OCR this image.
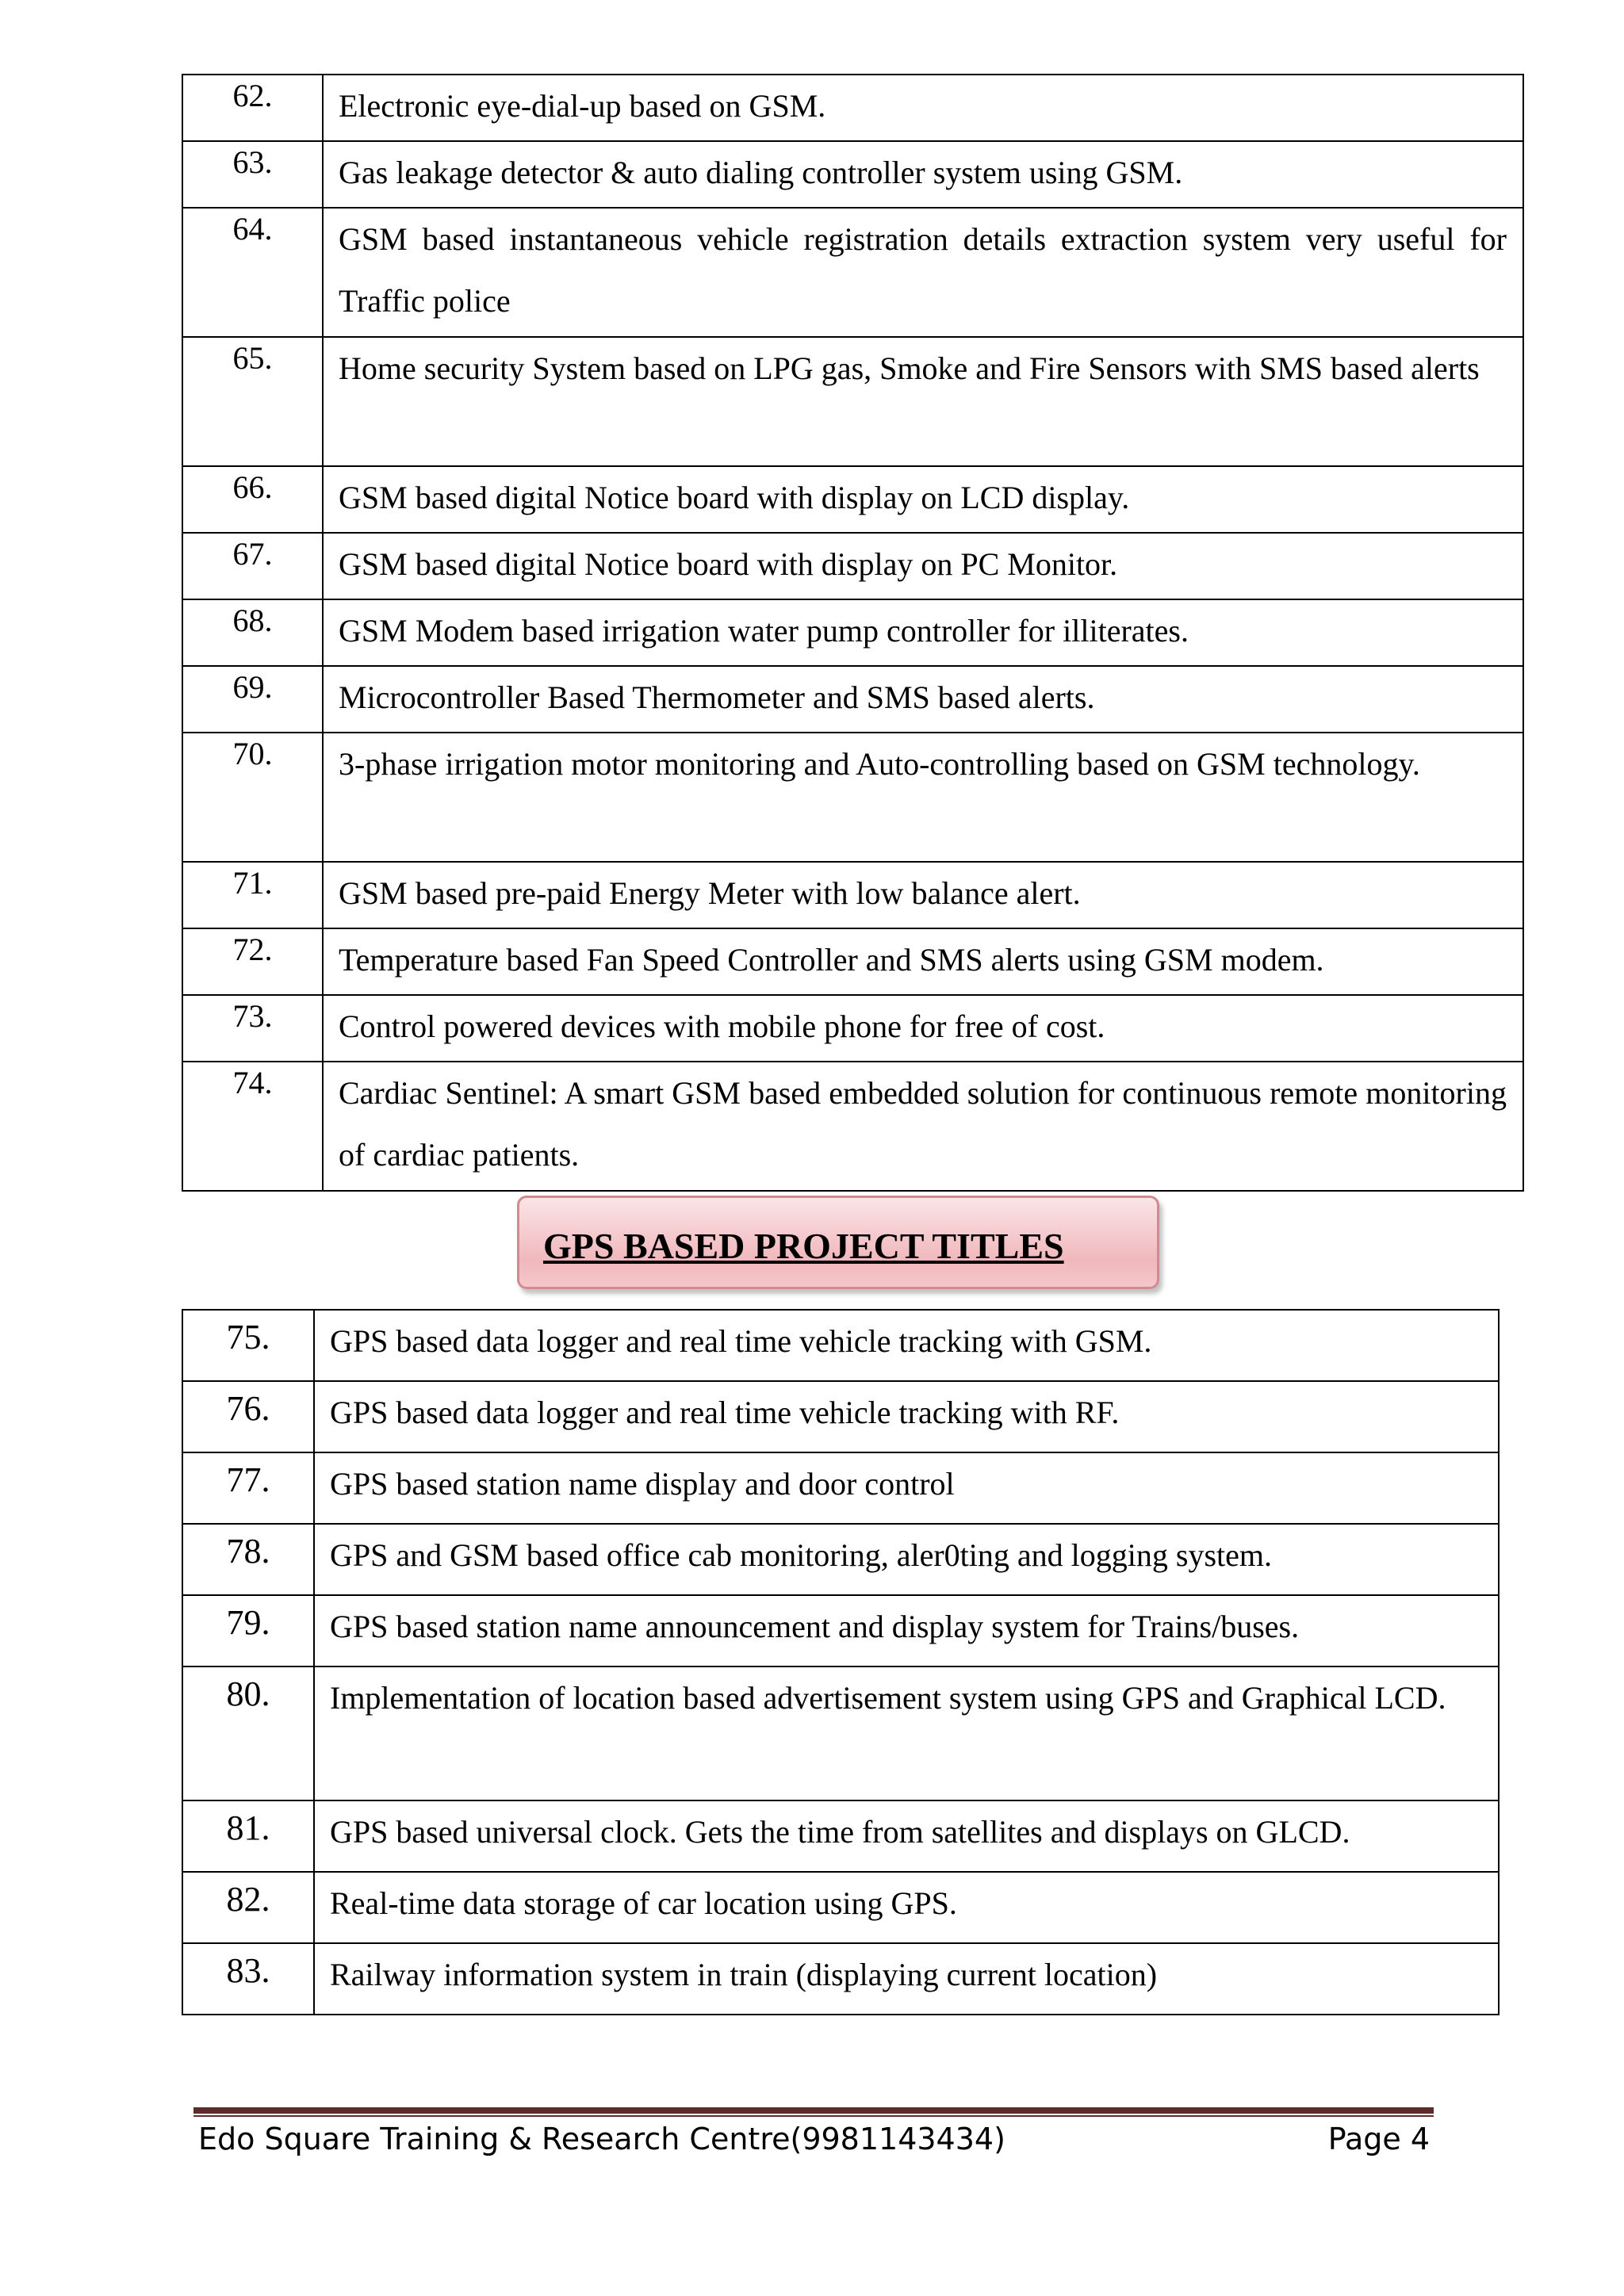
62.	Electronic eye-dial-up based on GSM.
63.	Gas leakage detector & auto dialing controller system using GSM.
64.	GSM based instantaneous vehicle registration details extraction system very useful for Traffic police
65.	Home security System based on LPG gas, Smoke and Fire Sensors with SMS based alerts
66.	GSM based digital Notice board with display on LCD display.
67.	GSM based digital Notice board with display on PC Monitor.
68.	GSM Modem based irrigation water pump controller for illiterates.
69.	Microcontroller Based Thermometer and SMS based alerts.
70.	3-phase irrigation motor monitoring and Auto-controlling based on GSM technology.
71.	GSM based pre-paid Energy Meter with low balance alert.
72.	Temperature based Fan Speed Controller and SMS alerts using GSM modem.
73.	Control powered devices with mobile phone for free of cost.
74.	Cardiac Sentinel: A smart GSM based embedded solution for continuous remote monitoring of cardiac patients.
GPS BASED PROJECT TITLES
75.	GPS based data logger and real time vehicle tracking with GSM.
76.	GPS based data logger and real time vehicle tracking with RF.
77.	GPS based station name display and door control
78.	GPS and GSM based office cab monitoring, aler0ting and logging system.
79.	GPS based station name announcement and display system for Trains/buses.
80.	Implementation of location based advertisement system using GPS and Graphical LCD.
81.	GPS based universal clock. Gets the time from satellites and displays on GLCD.
82.	Real-time data storage of car location using GPS.
83.	Railway information system in train (displaying current location)
Edo Square Training & Research Centre(9981143434)	Page 4
